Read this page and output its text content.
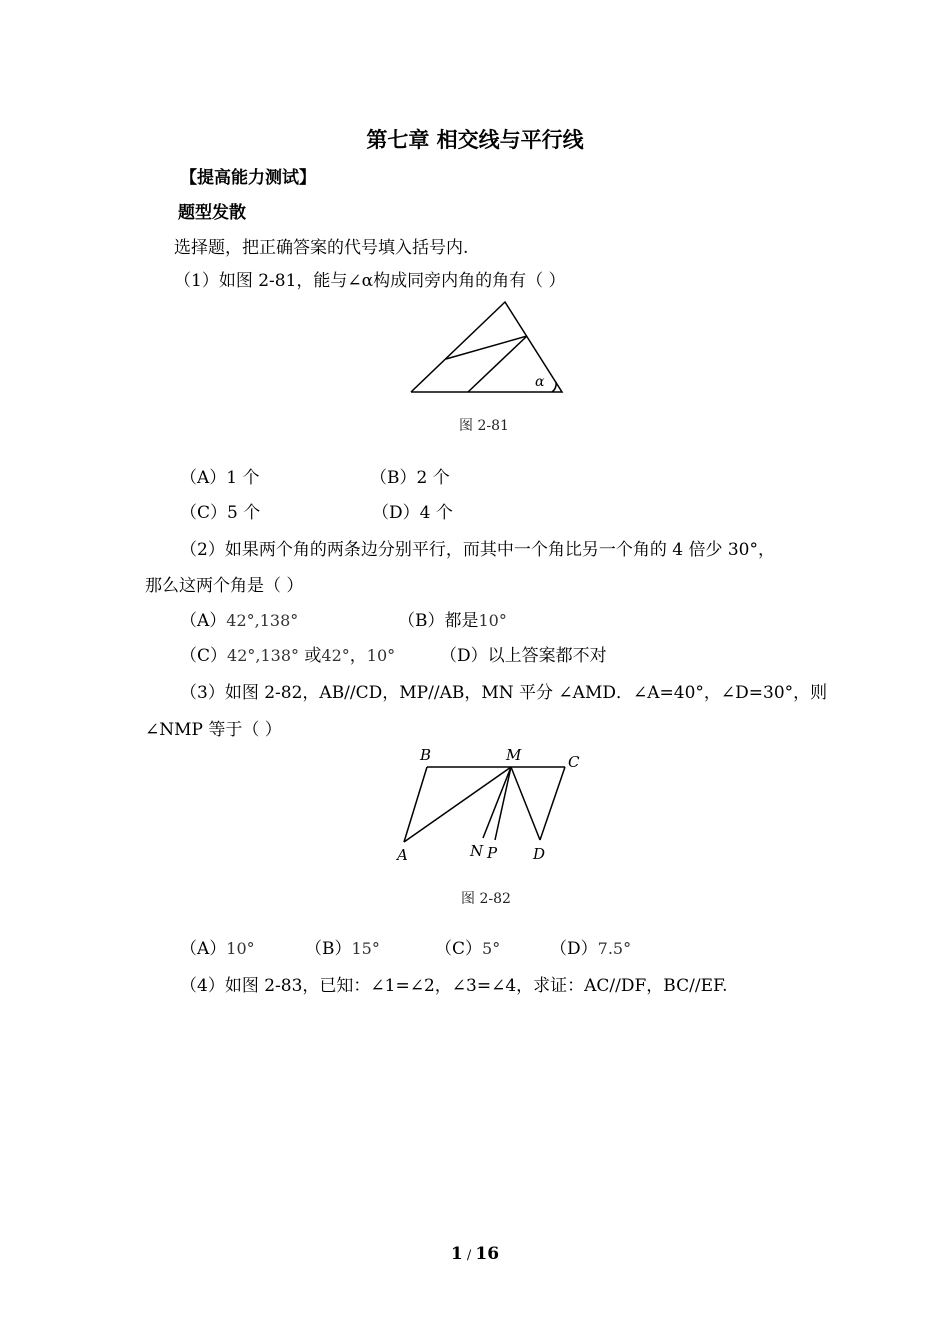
第七章 相交线与平行线
【提高能力测试】
题型发散
选择题，把正确答案的代号填入括号内.
（1）如图 2-81，能与∠α构成同旁内角的角有（ ）
α
图 2-81
（A）1 个	（B）2 个
（C）5 个	（D）4 个
（2）如果两个角的两条边分别平行，而其中一个角比另一个角的 4 倍少 30°，
那么这两个角是（ ）
（A）42°,138°	（B）都是10°
（C）42°,138° 或42°，10°	（D）以上答案都不对
（3）如图 2-82，AB//CD，MP//AB，MN 平分 ∠AMD．∠A=40°，∠D=30°，则
∠NMP 等于（ ）
B	M	C
A	N P D
图 2-82
（A）10°	（B）15°	（C）5°	（D）7.5°
（4）如图 2-83，已知：∠1=∠2，∠3=∠4，求证：AC//DF，BC//EF.
1 / 16
